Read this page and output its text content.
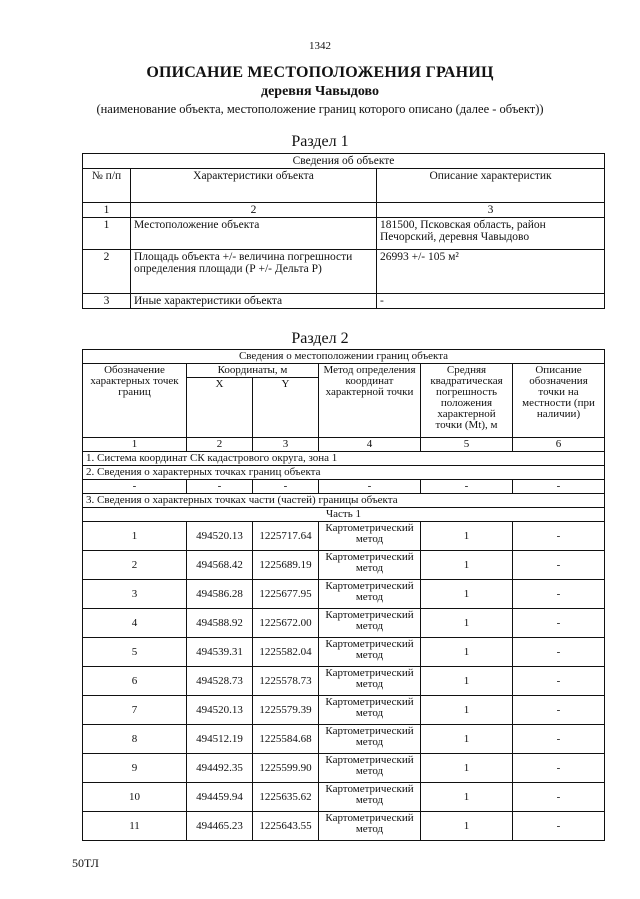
1342
ОПИСАНИЕ МЕСТОПОЛОЖЕНИЯ ГРАНИЦ
деревня Чавыдово
(наименование объекта, местоположение границ которого описано (далее - объект))
Раздел 1
Сведения об объекте		
№ п/п	Характеристики объекта	Описание характеристик
1	2	3
1	Местоположение объекта	181500, Псковская область, район Печорский, деревня Чавыдово
2	Площадь объекта +/- величина погрешности определения площади (Р +/- Дельта Р)	26993 +/- 105 м²
3	Иные характеристики объекта	-
Раздел 2
Сведения о местоположении границ объекта					
Обозначение характерных точек границ	Координаты, м		Метод определения координат характерной точки	Средняя квадратическая погрешность положения характерной точки (Mt), м	Описание обозначения точки на местности (при наличии)
	X	Y			
1	2	3	4	5	6
1. Система координат СК кадастрового округа, зона 1					
2. Сведения о характерных точках границ объекта					
-	-	-	-	-	-
3. Сведения о характерных точках части (частей) границы объекта					
Часть 1					
1	494520.13	1225717.64	Картометрический метод	1	-
2	494568.42	1225689.19	Картометрический метод	1	-
3	494586.28	1225677.95	Картометрический метод	1	-
4	494588.92	1225672.00	Картометрический метод	1	-
5	494539.31	1225582.04	Картометрический метод	1	-
6	494528.73	1225578.73	Картометрический метод	1	-
7	494520.13	1225579.39	Картометрический метод	1	-
8	494512.19	1225584.68	Картометрический метод	1	-
9	494492.35	1225599.90	Картометрический метод	1	-
10	494459.94	1225635.62	Картометрический метод	1	-
11	494465.23	1225643.55	Картометрический метод	1	-
50ТЛ
